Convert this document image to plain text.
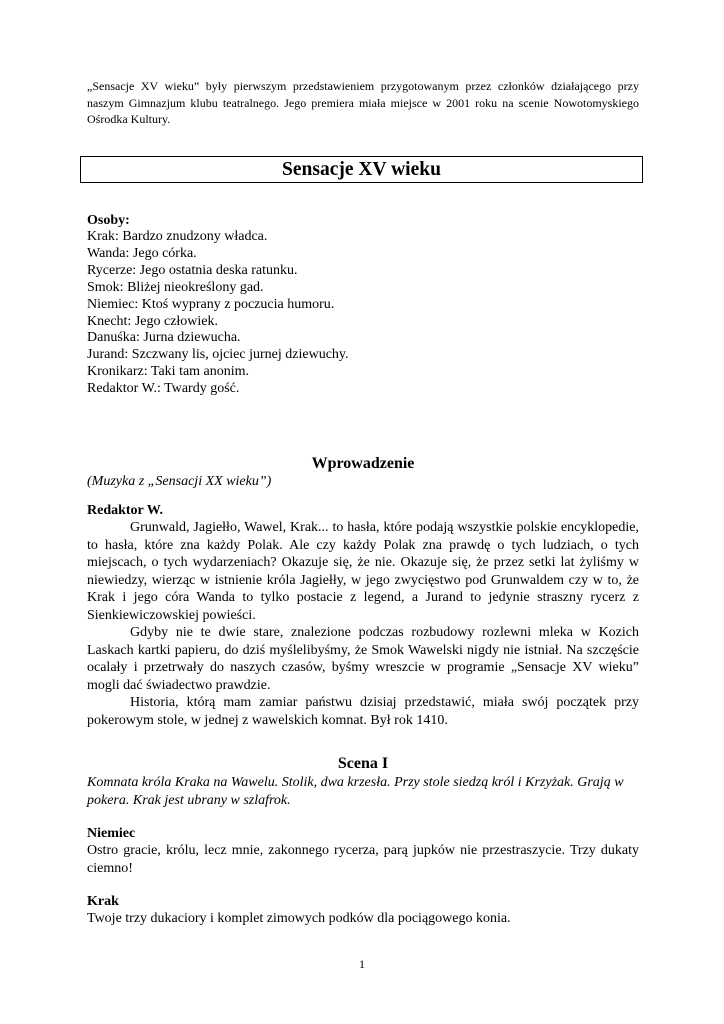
„Sensacje XV wieku” były pierwszym przedstawieniem przygotowanym przez członków działającego przy naszym Gimnazjum klubu teatralnego. Jego premiera miała miejsce w 2001 roku na scenie Nowotomyskiego Ośrodka Kultury.
Sensacje XV wieku
Osoby:
Krak: Bardzo znudzony władca.
Wanda: Jego córka.
Rycerze: Jego ostatnia deska ratunku.
Smok: Bliżej nieokreślony gad.
Niemiec: Ktoś wyprany z poczucia humoru.
Knecht: Jego człowiek.
Danuśka: Jurna dziewucha.
Jurand: Szczwany lis, ojciec jurnej dziewuchy.
Kronikarz: Taki tam anonim.
Redaktor W.: Twardy gość.
Wprowadzenie
(Muzyka z „Sensacji XX wieku”)
Redaktor W.

Grunwald, Jagiełło, Wawel, Krak... to hasła, które podają wszystkie polskie encyklopedie, to hasła, które zna każdy Polak. Ale czy każdy Polak zna prawdę o tych ludziach, o tych miejscach, o tych wydarzeniach? Okazuje się, że nie. Okazuje się, że przez setki lat żyliśmy w niewiedzy, wierząc w istnienie króla Jagiełły, w jego zwycięstwo pod Grunwaldem czy w to, że Krak i jego córa Wanda to tylko postacie z legend, a Jurand to jedynie straszny rycerz z Sienkiewiczowskiej powieści.

Gdyby nie te dwie stare, znalezione podczas rozbudowy rozlewni mleka w Kozich Laskach kartki papieru, do dziś myślelibyśmy, że Smok Wawelski nigdy nie istniał. Na szczęście ocalały i przetrwały do naszych czasów, byśmy wreszcie w programie „Sensacje XV wieku” mogli dać świadectwo prawdzie.

Historia, którą mam zamiar państwu dzisiaj przedstawić, miała swój początek przy pokerowym stole, w jednej z wawelskich komnat. Był rok 1410.

Scena I
Komnata króla Kraka na Wawelu. Stolik, dwa krzesła. Przy stole siedzą król i Krzyżak. Grają w pokera. Krak jest ubrany w szlafrok.
Niemiec
Ostro gracie, królu, lecz mnie, zakonnego rycerza, parą jupków nie przestraszycie. Trzy dukaty ciemno!
Krak
Twoje trzy dukaciory i komplet zimowych podków dla pociągowego konia.
1
